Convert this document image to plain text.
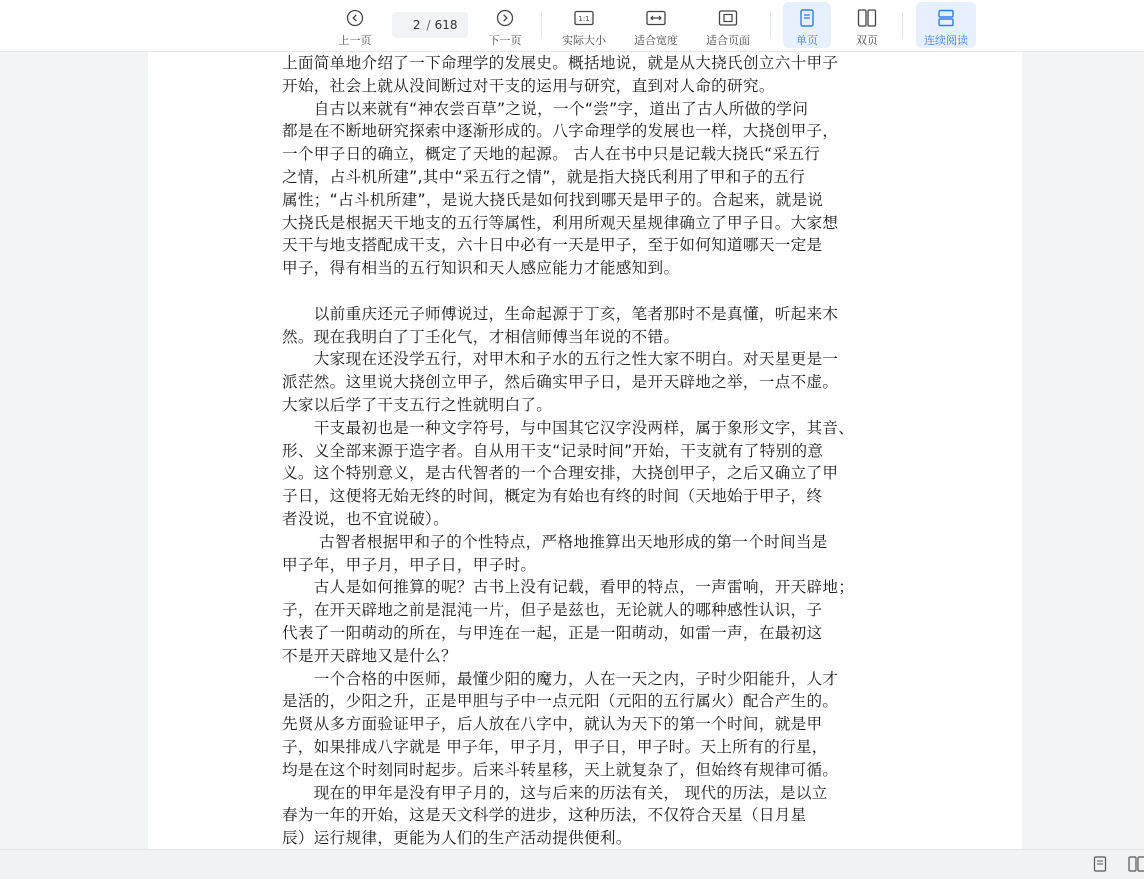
上一页
2
/ 618
下一页
1:1
实际大小	适合宽度	适合页面	单页	双页	连续阅读
上面简单地介绍了一下命理学的发展史。概括地说，就是从大挠氏创立六十甲子
开始，社会上就从没间断过对干支的运用与研究，直到对人命的研究。
　　自古以来就有“神农尝百草”之说，一个“尝”字，道出了古人所做的学问
都是在不断地研究探索中逐渐形成的。八字命理学的发展也一样，大挠创甲子，
一个甲子日的确立，概定了天地的起源。 古人在书中只是记载大挠氏“采五行
之情，占斗机所建”,其中“采五行之情”，就是指大挠氏利用了甲和子的五行
属性；“占斗机所建”，是说大挠氏是如何找到哪天是甲子的。合起来，就是说
大挠氏是根据天干地支的五行等属性，利用所观天星规律确立了甲子日。大家想
天干与地支搭配成干支，六十日中必有一天是甲子，至于如何知道哪天一定是
甲子，得有相当的五行知识和天人感应能力才能感知到。
　　以前重庆还元子师傅说过，生命起源于丁亥，笔者那时不是真懂，听起来木
然。现在我明白了丁壬化气，才相信师傅当年说的不错。
　　大家现在还没学五行，对甲木和子水的五行之性大家不明白。对天星更是一
派茫然。这里说大挠创立甲子，然后确实甲子日，是开天辟地之举，一点不虚。
大家以后学了干支五行之性就明白了。
　　干支最初也是一种文字符号，与中国其它汉字没两样，属于象形文字，其音、
形、义全部来源于造字者。自从用干支“记录时间”开始，干支就有了特别的意
义。这个特别意义，是古代智者的一个合理安排，大挠创甲子，之后又确立了甲
子日，这便将无始无终的时间，概定为有始也有终的时间（天地始于甲子，终
者没说，也不宜说破）。
　　 古智者根据甲和子的个性特点，严格地推算出天地形成的第一个时间当是
甲子年，甲子月，甲子日，甲子时。
　　古人是如何推算的呢？古书上没有记载，看甲的特点，一声雷响，开天辟地；
子，在开天辟地之前是混沌一片，但子是兹也，无论就人的哪种感性认识，子
代表了一阳萌动的所在，与甲连在一起，正是一阳萌动，如雷一声，在最初这
不是开天辟地又是什么？
　　一个合格的中医师，最懂少阳的魔力，人在一天之内，子时少阳能升，人才
是活的，少阳之升，正是甲胆与子中一点元阳（元阳的五行属火）配合产生的。
先贤从多方面验证甲子，后人放在八字中，就认为天下的第一个时间，就是甲
子，如果排成八字就是 甲子年，甲子月，甲子日，甲子时。天上所有的行星，
均是在这个时刻同时起步。后来斗转星移，天上就复杂了，但始终有规律可循。
　　现在的甲年是没有甲子月的，这与后来的历法有关， 现代的历法，是以立
春为一年的开始，这是天文科学的进步，这种历法，不仅符合天星（日月星
辰）运行规律，更能为人们的生产活动提供便利。
